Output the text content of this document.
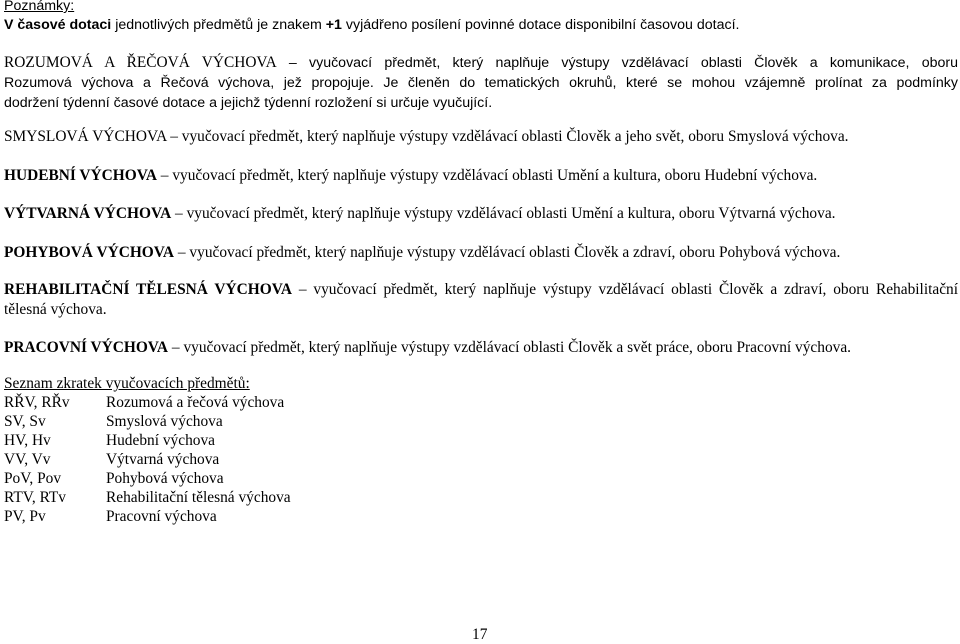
Poznámky:

V časové dotaci jednotlivých předmětů je znakem +1 vyjádřeno posílení povinné dotace disponibilní časovou dotací.

ROZUMOVÁ A ŘEČOVÁ VÝCHOVA – vyučovací předmět, který naplňuje výstupy vzdělávací oblasti Člověk a komunikace, oboru

Rozumová výchova a Řečová výchova, jež propojuje. Je členěn do tematických okruhů, které se mohou vzájemně prolínat za podmínky

dodržení týdenní časové dotace a jejichž týdenní rozložení si určuje vyučující.

SMYSLOVÁ VÝCHOVA – vyučovací předmět, který naplňuje výstupy vzdělávací oblasti Člověk a jeho svět, oboru Smyslová výchova.

HUDEBNÍ VÝCHOVA – vyučovací předmět, který naplňuje výstupy vzdělávací oblasti Umění a kultura, oboru Hudební výchova.

VÝTVARNÁ VÝCHOVA – vyučovací předmět, který naplňuje výstupy vzdělávací oblasti Umění a kultura, oboru Výtvarná výchova.

POHYBOVÁ VÝCHOVA – vyučovací předmět, který naplňuje výstupy vzdělávací oblasti Člověk a zdraví, oboru Pohybová výchova.

REHABILITAČNÍ TĚLESNÁ VÝCHOVA – vyučovací předmět, který naplňuje výstupy vzdělávací oblasti Člověk a zdraví, oboru Rehabilitační tělesná výchova.

PRACOVNÍ VÝCHOVA – vyučovací předmět, který naplňuje výstupy vzdělávací oblasti Člověk a svět práce, oboru Pracovní výchova.

Seznam zkratek vyučovacích předmětů:

RŘV, RŘv	Rozumová a řečová výchova
SV, Sv	Smyslová výchova
HV, Hv	Hudební výchova
VV, Vv	Výtvarná výchova
PoV, Pov	Pohybová výchova
RTV, RTv	Rehabilitační tělesná výchova
PV, Pv	Pracovní výchova
17
